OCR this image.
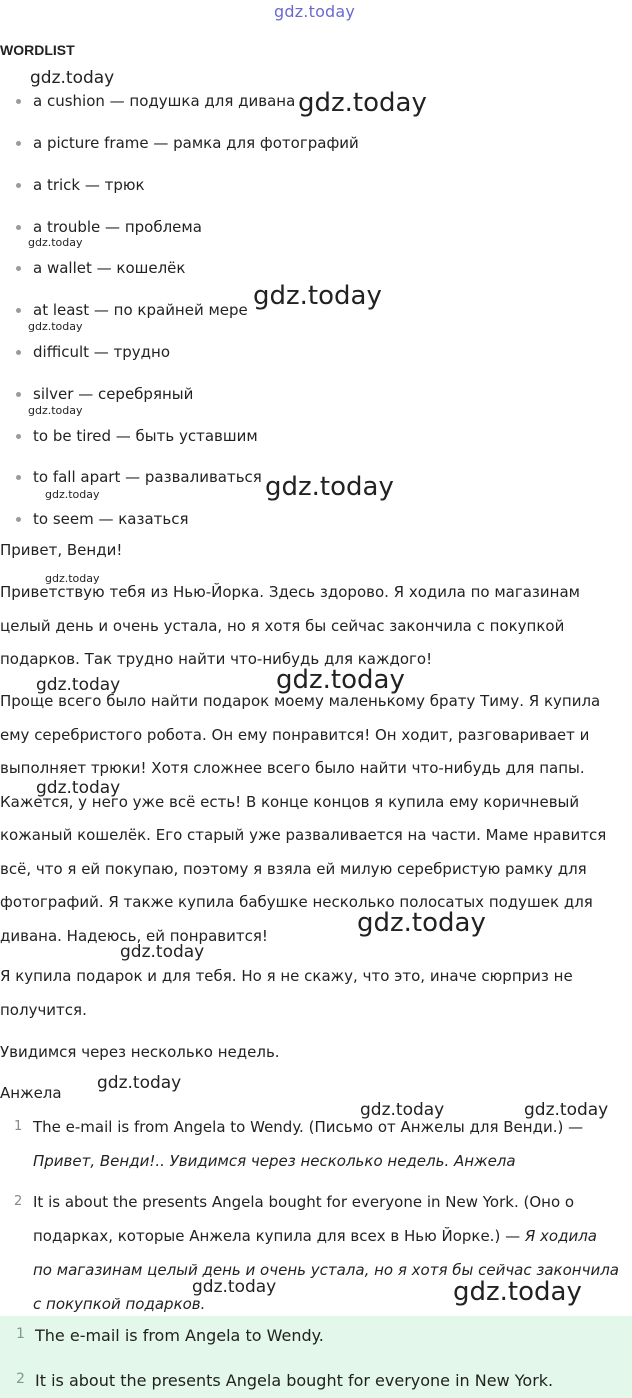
gdz.today
WORDLIST
a cushion — подушка для дивана
a picture frame — рамка для фотографий
a trick — трюк
a trouble — проблема
a wallet — кошелёк
at least — по крайней мере
difficult — трудно
silver — серебряный
to be tired — быть уставшим
to fall apart — разваливаться
to seem — казаться

Привет, Венди!

Приветствую тебя из Нью-Йорка. Здесь здорово. Я ходила по магазинам целый день и очень устала, но я хотя бы сейчас закончила с покупкой подарков. Так трудно найти что-нибудь для каждого!

Проще всего было найти подарок моему маленькому брату Тиму. Я купила ему серебристого робота. Он ему понравится! Он ходит, разговаривает и выполняет трюки! Хотя сложнее всего было найти что-нибудь для папы. Кажется, у него уже всё есть! В конце концов я купила ему коричневый кожаный кошелёк. Его старый уже разваливается на части. Маме нравится всё, что я ей покупаю, поэтому я взяла ей милую серебристую рамку для фотографий. Я также купила бабушке несколько полосатых подушек для дивана. Надеюсь, ей понравится!

Я купила подарок и для тебя. Но я не скажу, что это, иначе сюрприз не получится.

Увидимся через несколько недель.

Анжела

1 The e-mail is from Angela to Wendy. (Письмо от Анжелы для Венди.) — Привет, Венди!.. Увидимся через несколько недель. Анжела
2 It is about the presents Angela bought for everyone in New York. (Оно о подарках, которые Анжела купила для всех в Нью Йорке.) — Я ходила по магазинам целый день и очень устала, но я хотя бы сейчас закончила с покупкой подарков.
1 The e-mail is from Angela to Wendy.
2 It is about the presents Angela bought for everyone in New York.
gdz.today
gdz.today
gdz.today
gdz.today
gdz.today
gdz.today
gdz.today
gdz.today
gdz.today
gdz.today	gdz.today
gdz.today
gdz.today
gdz.today
gdz.today
gdz.today	gdz.today
gdz.today	gdz.today
